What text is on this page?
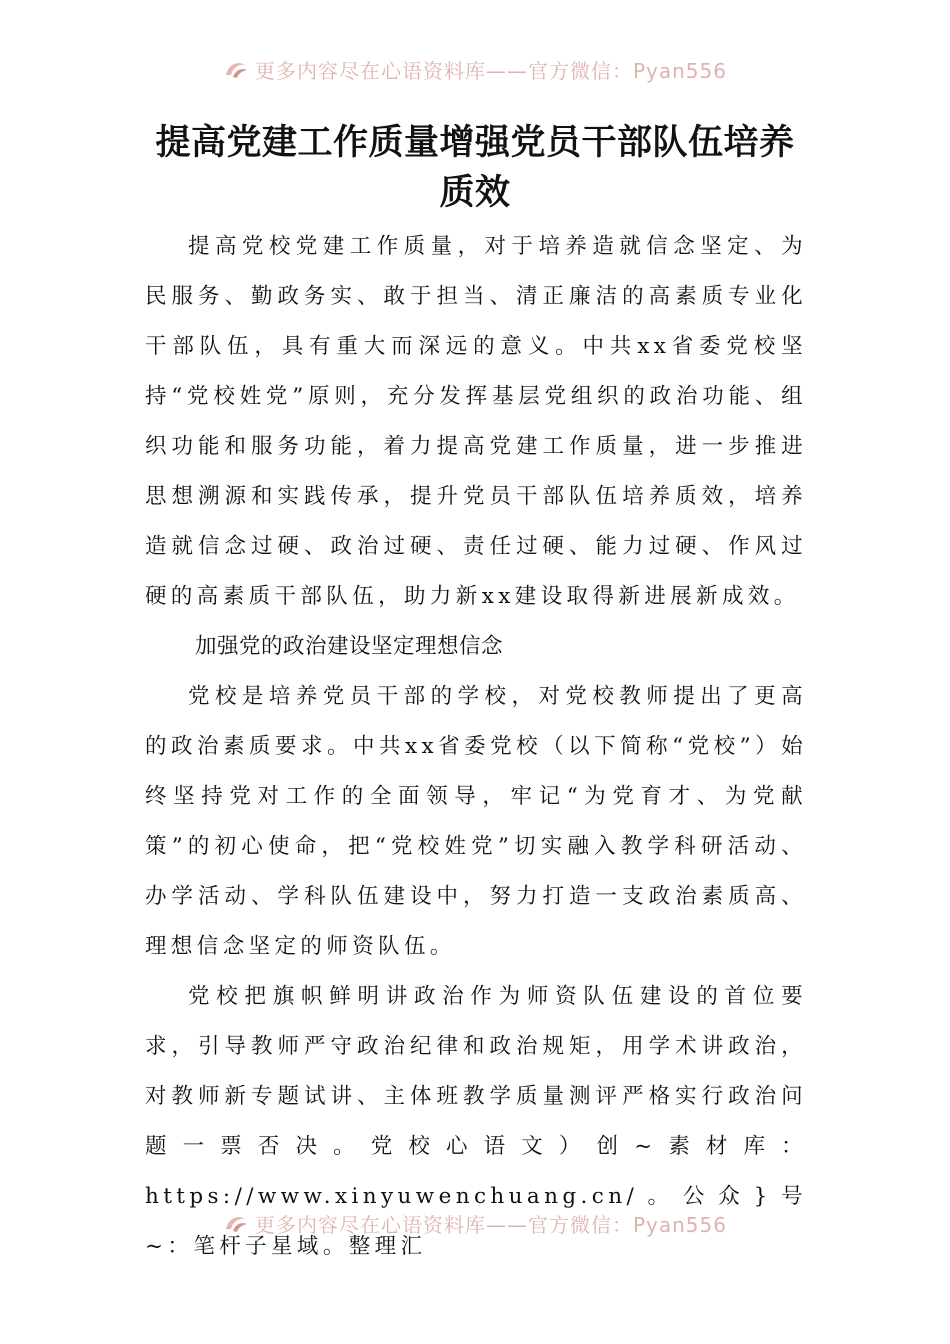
更多内容尽在心语资料库——官方微信：Pyan556
提高党建工作质量增强党员干部队伍培养质效

提高党校党建工作质量，对于培养造就信念坚定、为民服务、勤政务实、敢于担当、清正廉洁的高素质专业化干部队伍，具有重大而深远的意义。中共xx省委党校坚持“党校姓党”原则，充分发挥基层党组织的政治功能、组织功能和服务功能，着力提高党建工作质量，进一步推进思想溯源和实践传承，提升党员干部队伍培养质效，培养造就信念过硬、政治过硬、责任过硬、能力过硬、作风过硬的高素质干部队伍，助力新xx建设取得新进展新成效。

加强党的政治建设坚定理想信念

党校是培养党员干部的学校，对党校教师提出了更高的政治素质要求。中共xx省委党校（以下简称“党校”）始终坚持党对工作的全面领导，牢记“为党育才、为党献策”的初心使命，把“党校姓党”切实融入教学科研活动、办学活动、学科队伍建设中，努力打造一支政治素质高、理想信念坚定的师资队伍。

党校把旗帜鲜明讲政治作为师资队伍建设的首位要求，引导教师严守政治纪律和政治规矩，用学术讲政治，对教师新专题试讲、主体班教学质量测评严格实行政治问题一票否决。党校心语文）创~素材库：https://www.xinyuwenchuang.cn/。公众}号~：笔杆子星域。整理汇

更多内容尽在心语资料库——官方微信：Pyan556
